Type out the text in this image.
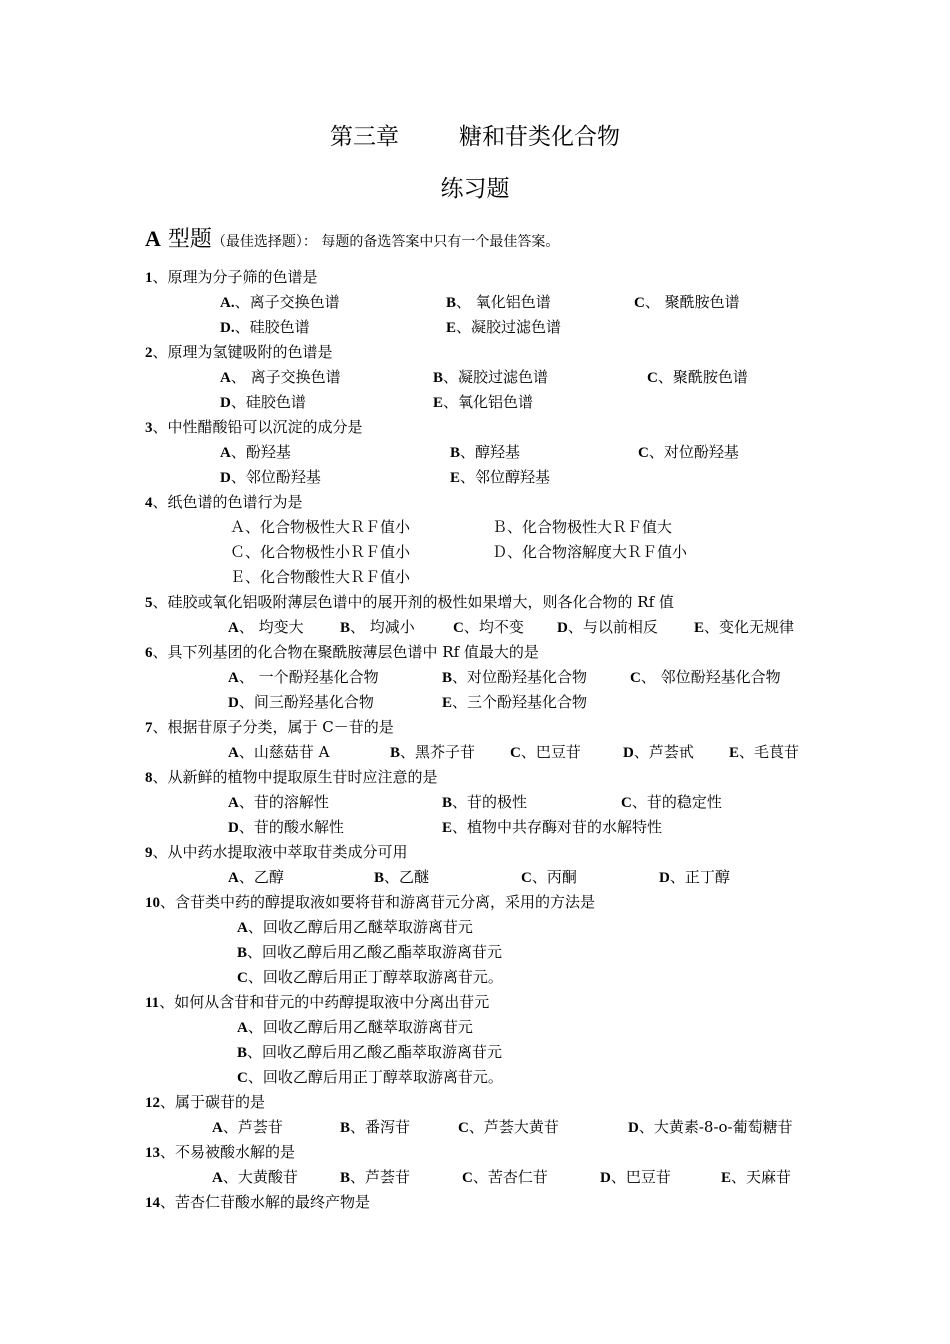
第三章	糖和苷类化合物
练习题
A 型题（最佳选择题）： 每题的备选答案中只有一个最佳答案。
1、原理为分子筛的色谱是
A.、离子交换色谱	B、 氧化铝色谱	C、 聚酰胺色谱
D.、硅胶色谱	E、凝胶过滤色谱
2、原理为氢键吸附的色谱是
A、 离子交换色谱	B、凝胶过滤色谱	C、聚酰胺色谱
D、硅胶色谱	E、氧化铝色谱
3、中性醋酸铅可以沉淀的成分是
A、酚羟基	B、醇羟基	C、对位酚羟基
D、邻位酚羟基	E、邻位醇羟基
4、纸色谱的色谱行为是
Ａ、化合物极性大ＲＦ值小	Ｂ、化合物极性大ＲＦ值大
Ｃ、化合物极性小ＲＦ值小	Ｄ、化合物溶解度大ＲＦ值小
Ｅ、化合物酸性大ＲＦ值小
5、硅胶或氧化铝吸附薄层色谱中的展开剂的极性如果增大，则各化合物的 Rf 值
A、 均变大 B、 均减小	C、均不变 D、与以前相反 E、变化无规律
6、具下列基团的化合物在聚酰胺薄层色谱中 Rf 值最大的是
A、 一个酚羟基化合物	B、对位酚羟基化合物	C、 邻位酚羟基化合物
D、间三酚羟基化合物	E、三个酚羟基化合物
7、根据苷原子分类，属于 C－苷的是
A、山慈菇苷 A	B、黑芥子苷 C、巴豆苷	D、芦荟甙 E、毛茛苷
8、从新鲜的植物中提取原生苷时应注意的是
A、苷的溶解性	B、苷的极性	C、苷的稳定性
D、苷的酸水解性	E、植物中共存酶对苷的水解特性
9、从中药水提取液中萃取苷类成分可用
A、乙醇	B、乙醚	C、丙酮	D、正丁醇
10、含苷类中药的醇提取液如要将苷和游离苷元分离，采用的方法是
A、回收乙醇后用乙醚萃取游离苷元
B、回收乙醇后用乙酸乙酯萃取游离苷元
C、回收乙醇后用正丁醇萃取游离苷元。
11、如何从含苷和苷元的中药醇提取液中分离出苷元
A、回收乙醇后用乙醚萃取游离苷元
B、回收乙醇后用乙酸乙酯萃取游离苷元
C、回收乙醇后用正丁醇萃取游离苷元。
12、属于碳苷的是
A、芦荟苷	B、番泻苷	C、芦荟大黄苷	D、大黄素-8-o-葡萄糖苷
13、不易被酸水解的是
A、大黄酸苷	B、芦荟苷	C、苦杏仁苷	D、巴豆苷	E、天麻苷
14、苦杏仁苷酸水解的最终产物是
